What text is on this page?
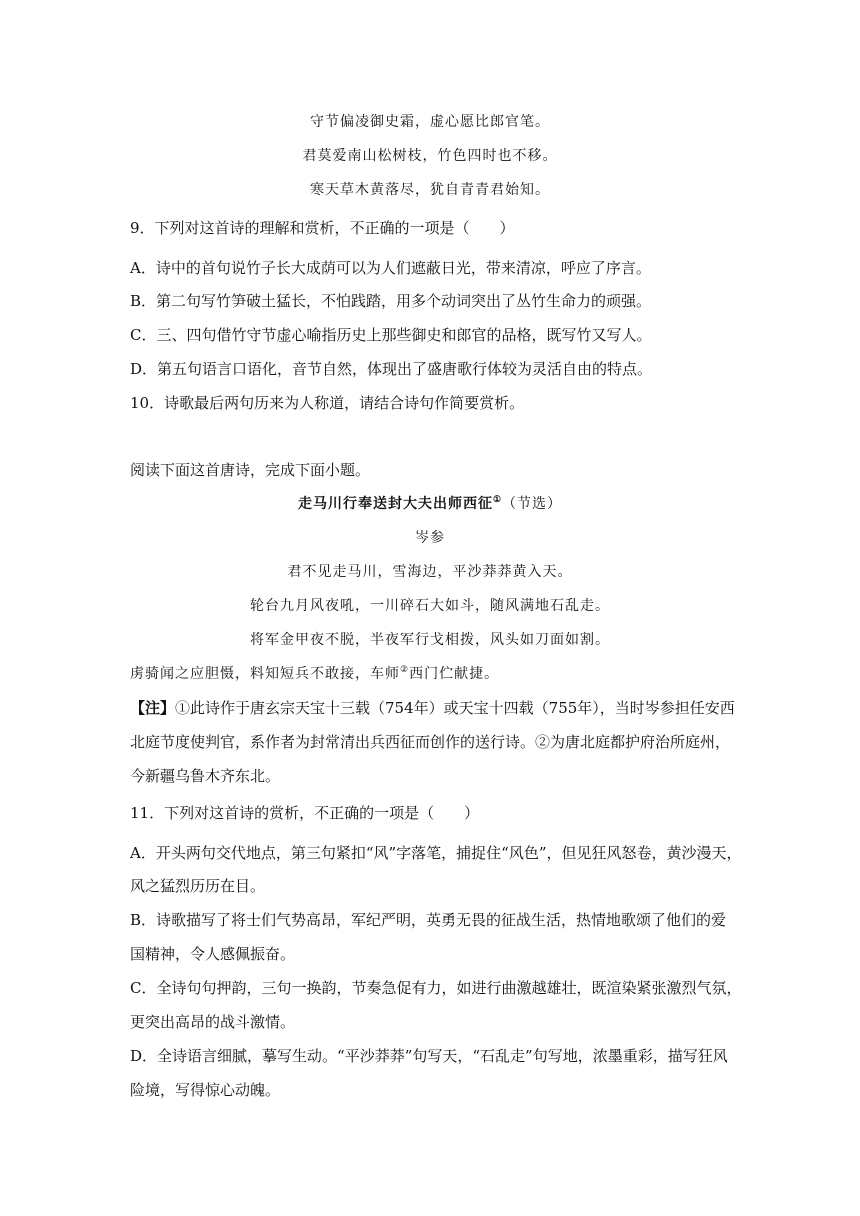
守节偏凌御史霜，虚心愿比郎官笔。
君莫爱南山松树枝，竹色四时也不移。
寒天草木黄落尽，犹自青青君始知。
9．下列对这首诗的理解和赏析，不正确的一项是（　　）
A．诗中的首句说竹子长大成荫可以为人们遮蔽日光，带来清凉，呼应了序言。
B．第二句写竹笋破土猛长，不怕践踏，用多个动词突出了丛竹生命力的顽强。
C．三、四句借竹守节虚心喻指历史上那些御史和郎官的品格，既写竹又写人。
D．第五句语言口语化，音节自然，体现出了盛唐歌行体较为灵活自由的特点。
10．诗歌最后两句历来为人称道，请结合诗句作简要赏析。
阅读下面这首唐诗，完成下面小题。
走马川行奉送封大夫出师西征①（节选）
岑参
君不见走马川，雪海边，平沙莽莽黄入天。
轮台九月风夜吼，一川碎石大如斗，随风满地石乱走。
将军金甲夜不脱，半夜军行戈相拨，风头如刀面如割。
虏骑闻之应胆慑，料知短兵不敢接，车师②西门伫献捷。
【注】①此诗作于唐玄宗天宝十三载（754年）或天宝十四载（755年），当时岑参担任安西
北庭节度使判官，系作者为封常清出兵西征而创作的送行诗。②为唐北庭都护府治所庭州，
今新疆乌鲁木齐东北。
11．下列对这首诗的赏析，不正确的一项是（　　）
A．开头两句交代地点，第三句紧扣“风”字落笔，捕捉住“风色”，但见狂风怒卷，黄沙漫天，
风之猛烈历历在目。
B．诗歌描写了将士们气势高昂，军纪严明，英勇无畏的征战生活，热情地歌颂了他们的爱
国精神，令人感佩振奋。
C．全诗句句押韵，三句一换韵，节奏急促有力，如进行曲激越雄壮，既渲染紧张激烈气氛，
更突出高昂的战斗激情。
D．全诗语言细腻，摹写生动。“平沙莽莽”句写天，“石乱走”句写地，浓墨重彩，描写狂风
险境，写得惊心动魄。
